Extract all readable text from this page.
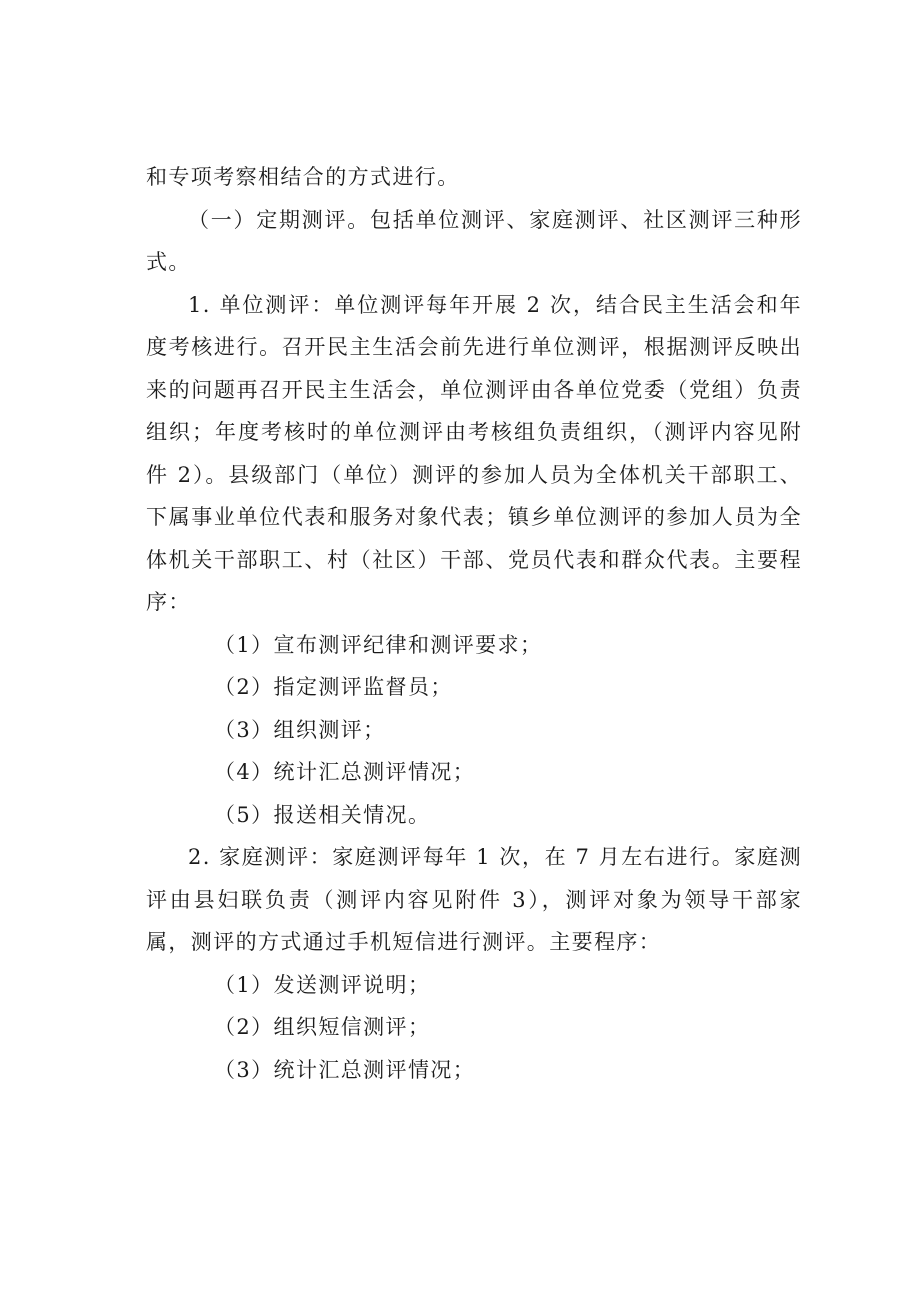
和专项考察相结合的方式进行。

（一）定期测评。包括单位测评、家庭测评、社区测评三种形式。

1. 单位测评：单位测评每年开展 2 次，结合民主生活会和年度考核进行。召开民主生活会前先进行单位测评，根据测评反映出来的问题再召开民主生活会，单位测评由各单位党委（党组）负责组织；年度考核时的单位测评由考核组负责组织，（测评内容见附件 2）。县级部门（单位）测评的参加人员为全体机关干部职工、下属事业单位代表和服务对象代表；镇乡单位测评的参加人员为全体机关干部职工、村（社区）干部、党员代表和群众代表。主要程序：

（1）宣布测评纪律和测评要求；

（2）指定测评监督员；

（3）组织测评；

（4）统计汇总测评情况；

（5）报送相关情况。

2. 家庭测评：家庭测评每年 1 次，在 7 月左右进行。家庭测评由县妇联负责（测评内容见附件 3），测评对象为领导干部家属，测评的方式通过手机短信进行测评。主要程序：

（1）发送测评说明；

（2）组织短信测评；

（3）统计汇总测评情况；
